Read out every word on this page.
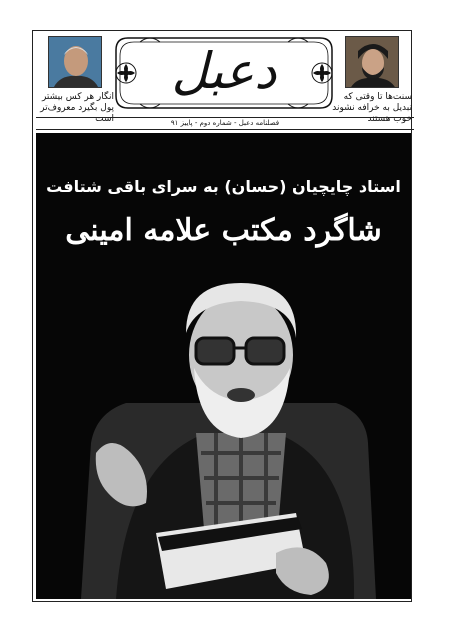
انگار هر کس بیشتر پول بگیرد معروف‌تر است
سنت‌ها تا وقتی که تبدیل به خرافه نشوند خوب هستند
دعبل
فصلنامه دعبل - شماره دوم - پاییز ۹۱
استاد چایچیان (حسان) به سرای باقی شتافت
شاگرد مکتب علامه امینی
